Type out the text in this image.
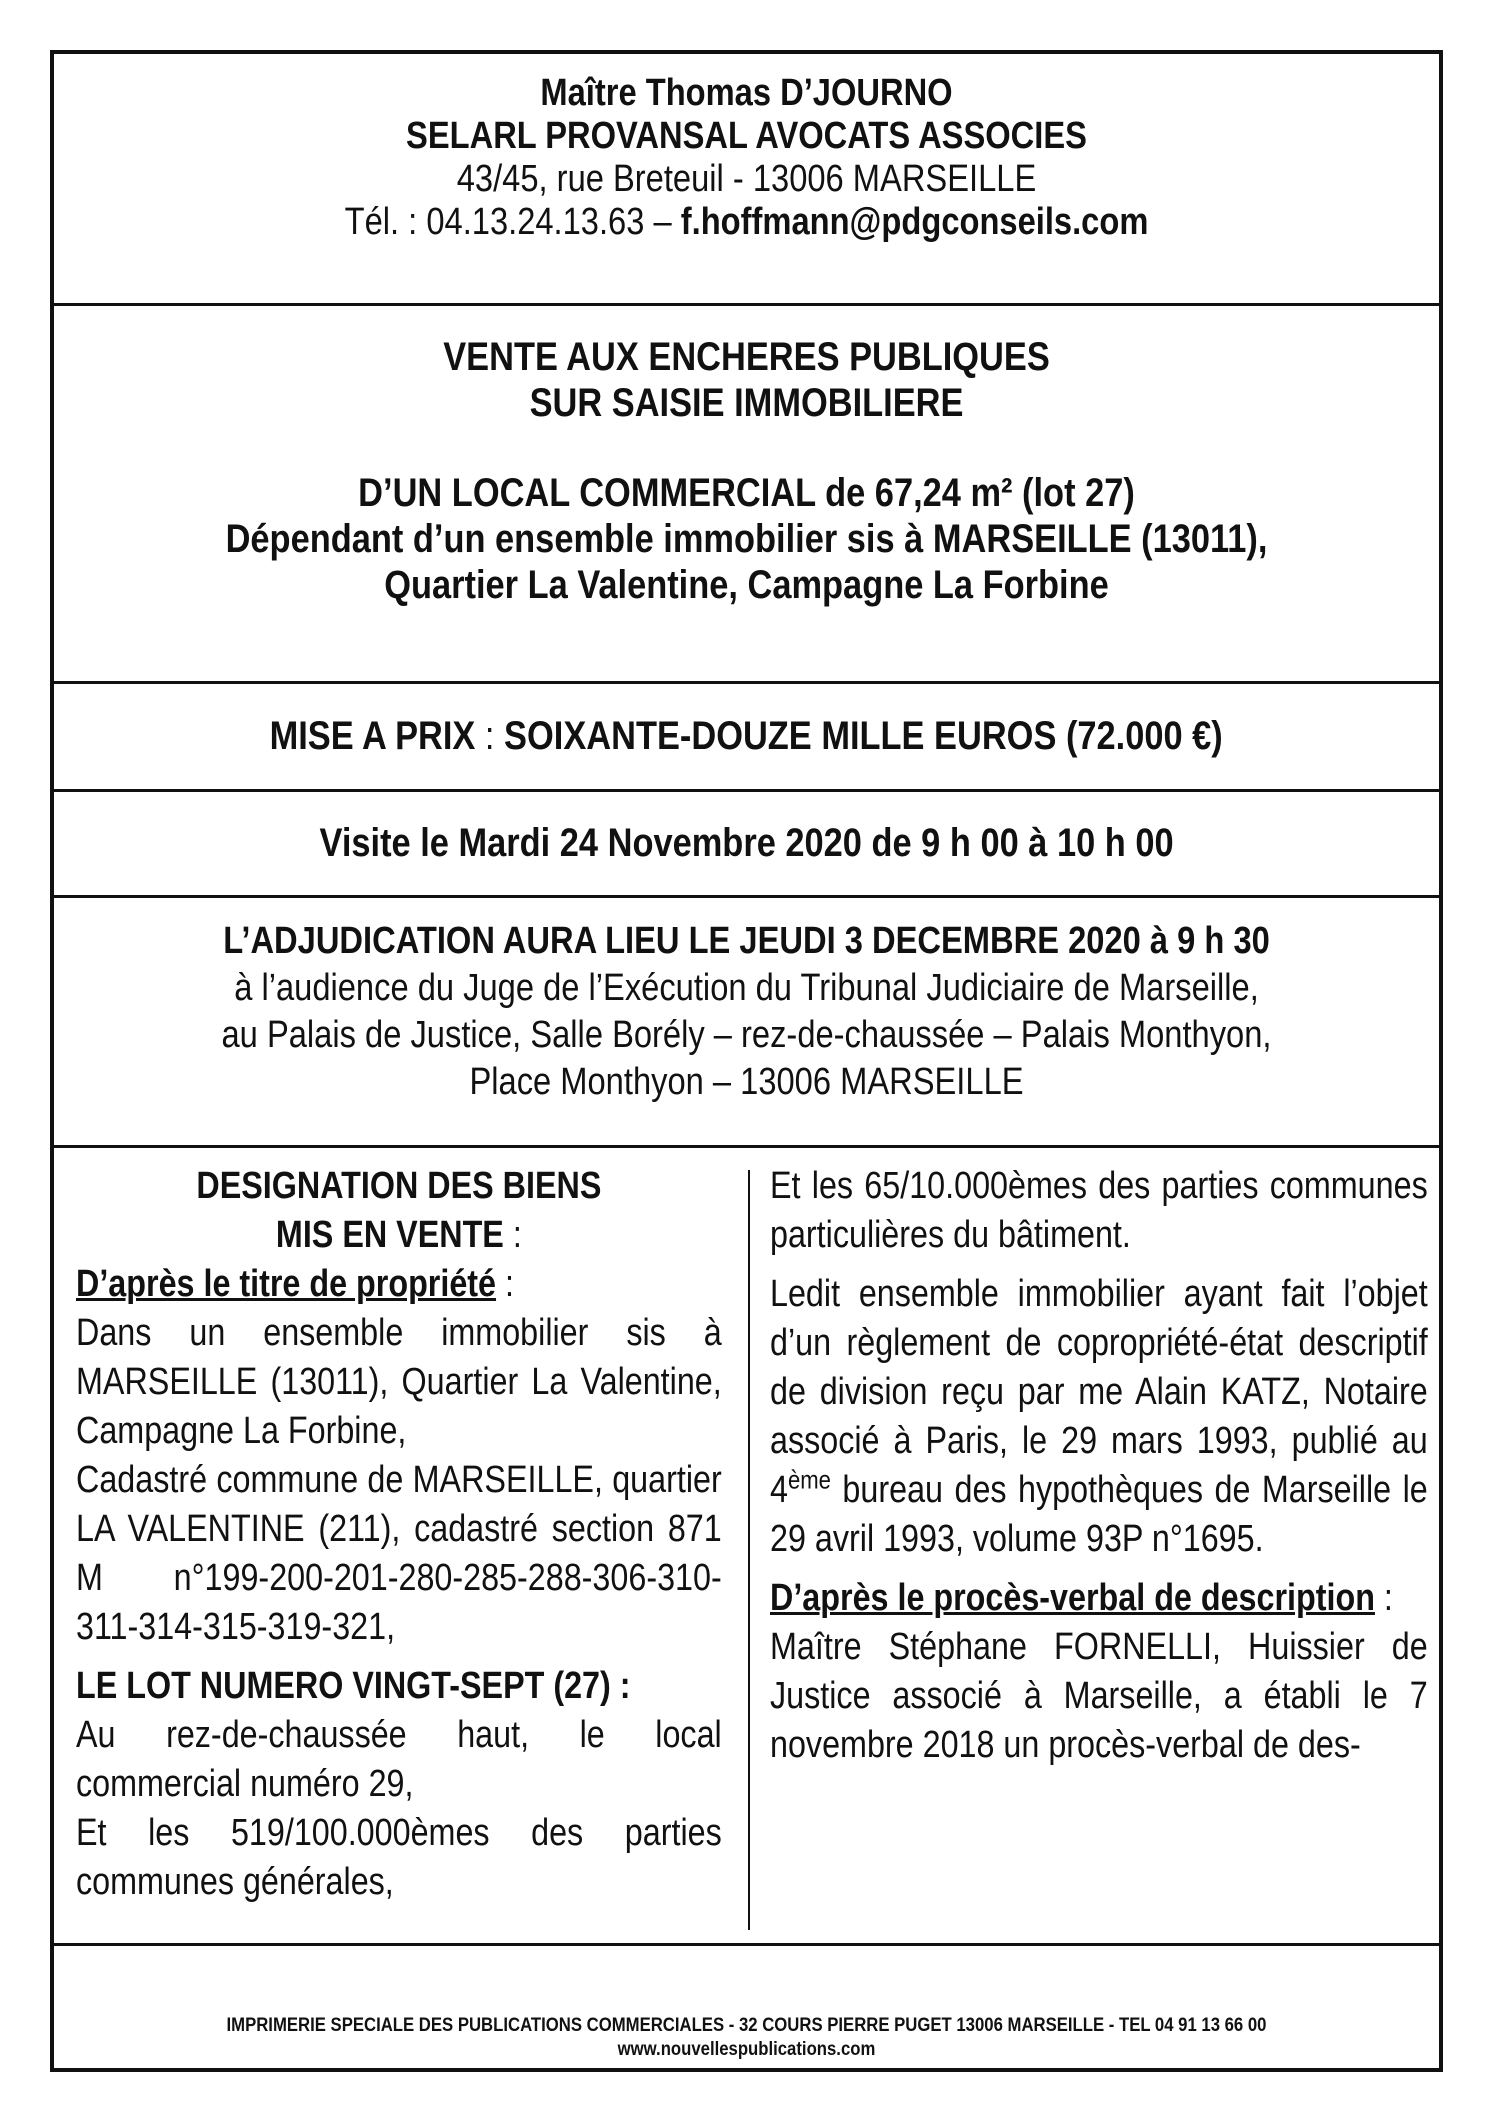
Maître Thomas D’JOURNO
SELARL PROVANSAL AVOCATS ASSOCIES
43/45, rue Breteuil - 13006 MARSEILLE
Tél. : 04.13.24.13.63 – f.hoffmann@pdgconseils.com
VENTE AUX ENCHERES PUBLIQUES
SUR SAISIE IMMOBILIERE
D’UN LOCAL COMMERCIAL de 67,24 m² (lot 27)
Dépendant d’un ensemble immobilier sis à MARSEILLE (13011),
Quartier La Valentine, Campagne La Forbine
MISE A PRIX : SOIXANTE-DOUZE MILLE EUROS (72.000 €)
Visite le Mardi 24 Novembre 2020 de 9 h 00 à 10 h 00
L’ADJUDICATION AURA LIEU LE JEUDI 3 DECEMBRE 2020 à 9 h 30
à l’audience du Juge de l’Exécution du Tribunal Judiciaire de Marseille,
au Palais de Justice, Salle Borély – rez-de-chaussée – Palais Monthyon,
Place Monthyon – 13006 MARSEILLE

DESIGNATION DES BIENS

MIS EN VENTE :

D’après le titre de propriété :

Dans un ensemble immobilier sis à MARSEILLE (13011), Quartier La Valentine, Campagne La Forbine,

Cadastré commune de MARSEILLE, quartier LA VALENTINE (211), cadastré section 871 M n°199-200-201-280-285-288-306-310-311-314-315-319-321,

LE LOT NUMERO VINGT-SEPT (27) :

Au rez-de-chaussée haut, le local commercial numéro 29,

Et les 519/100.000èmes des parties communes générales,

Et les 65/10.000èmes des parties communes particulières du bâtiment.

Ledit ensemble immobilier ayant fait l’objet d’un règlement de copropriété-état descriptif de division reçu par me Alain KATZ, Notaire associé à Paris, le 29 mars 1993, publié au 4ème bureau des hypothèques de Marseille le 29 avril 1993, volume 93P n°1695.

D’après le procès-verbal de description :

Maître Stéphane FORNELLI, Huissier de Justice associé à Marseille, a établi le 7 novembre 2018 un procès-verbal de des-

IMPRIMERIE SPECIALE DES PUBLICATIONS COMMERCIALES - 32 COURS PIERRE PUGET 13006 MARSEILLE - TEL 04 91 13 66 00
www.nouvellespublications.com
